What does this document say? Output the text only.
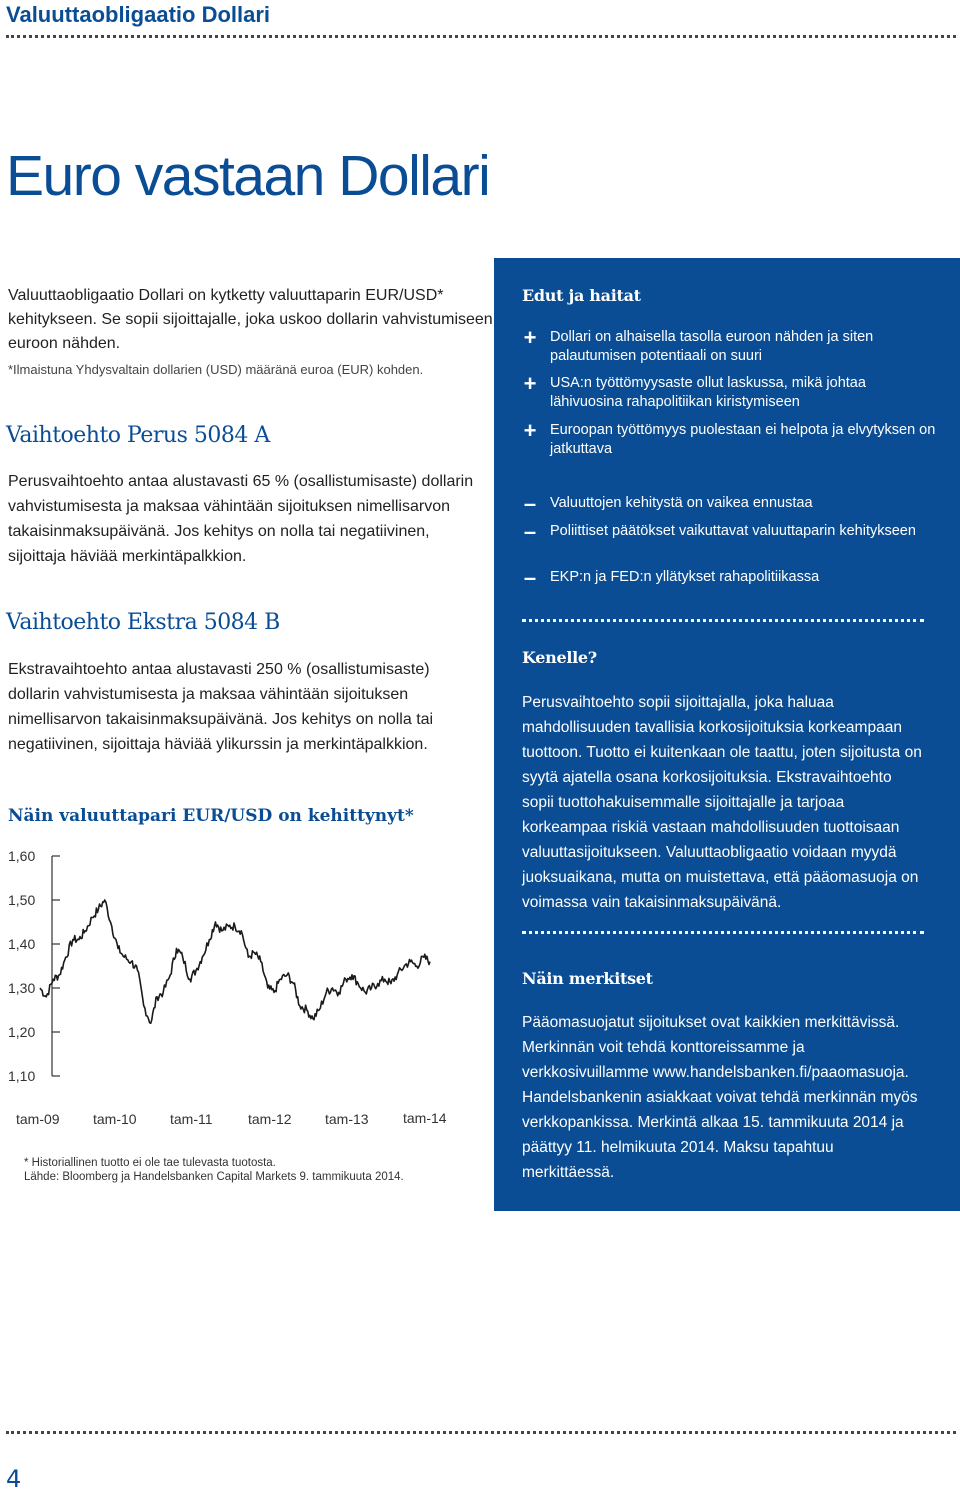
Valuuttaobligaatio Dollari
Euro vastaan Dollari
Valuuttaobligaatio Dollari on kytketty valuuttaparin EUR/USD* kehitykseen. Se sopii sijoittajalle, joka uskoo dollarin vahvistumiseen euroon nähden.
*Ilmaistuna Yhdysvaltain dollarien (USD) määränä euroa (EUR) kohden.
Vaihtoehto Perus 5084 A
Perusvaihtoehto antaa alustavasti 65 % (osallistumisaste) dollarin vahvistumisesta ja maksaa vähintään sijoituksen nimellisarvon takaisinmaksupäivänä. Jos kehitys on nolla tai negatiivinen, sijoittaja häviää merkintäpalkkion.
Vaihtoehto Ekstra 5084 B
Ekstravaihtoehto antaa alustavasti 250 % (osallistumisaste) dollarin vahvistumisesta ja maksaa vähintään sijoituksen nimellisarvon takaisinmaksupäivänä. Jos kehitys on nolla tai negatiivinen, sijoittaja häviää ylikurssin ja merkintäpalkkion.
Näin valuuttapari EUR/USD on kehittynyt*
1,60
1,50
1,40
1,30
1,20
1,10
tam-09 tam-10 tam-11	tam-12 tam-13 tam-14
* Historiallinen tuotto ei ole tae tulevasta tuotosta.
Lähde: Bloomberg ja Handelsbanken Capital Markets 9. tammikuuta 2014.
Edut ja haitat
+ Dollari on alhaisella tasolla euroon nähden ja siten palautumisen potentiaali on suuri
+ USA:n työttömyysaste ollut laskussa, mikä johtaa lähivuosina rahapolitiikan kiristymiseen
+ Euroopan työttömyys puolestaan ei helpota ja elvytyksen on jatkuttava
– Valuuttojen kehitystä on vaikea ennustaa
– Poliittiset päätökset vaikuttavat valuuttaparin kehitykseen
– EKP:n ja FED:n yllätykset rahapolitiikassa
Kenelle?
Perusvaihtoehto sopii sijoittajalla, joka haluaa mahdollisuuden tavallisia korkosijoituksia korkeampaan tuottoon. Tuotto ei kuitenkaan ole taattu, joten sijoitusta on syytä ajatella osana korkosijoituksia. Ekstravaihtoehto sopii tuottohakuisemmalle sijoittajalle ja tarjoaa korkeampaa riskiä vastaan mahdollisuuden tuottoisaan valuuttasijoitukseen. Valuuttaobligaatio voidaan myydä juoksuaikana, mutta on muistettava, että pääomasuoja on voimassa vain takaisinmaksupäivänä.
Näin merkitset
Pääomasuojatut sijoitukset ovat kaikkien merkittävissä. Merkinnän voit tehdä konttoreissamme ja verkkosivuillamme www.handelsbanken.fi/paaomasuoja. Handelsbankenin asiakkaat voivat tehdä merkinnän myös verkkopankissa. Merkintä alkaa 15. tammikuuta 2014 ja päättyy 11. helmikuuta 2014. Maksu tapahtuu merkittäessä.
4
